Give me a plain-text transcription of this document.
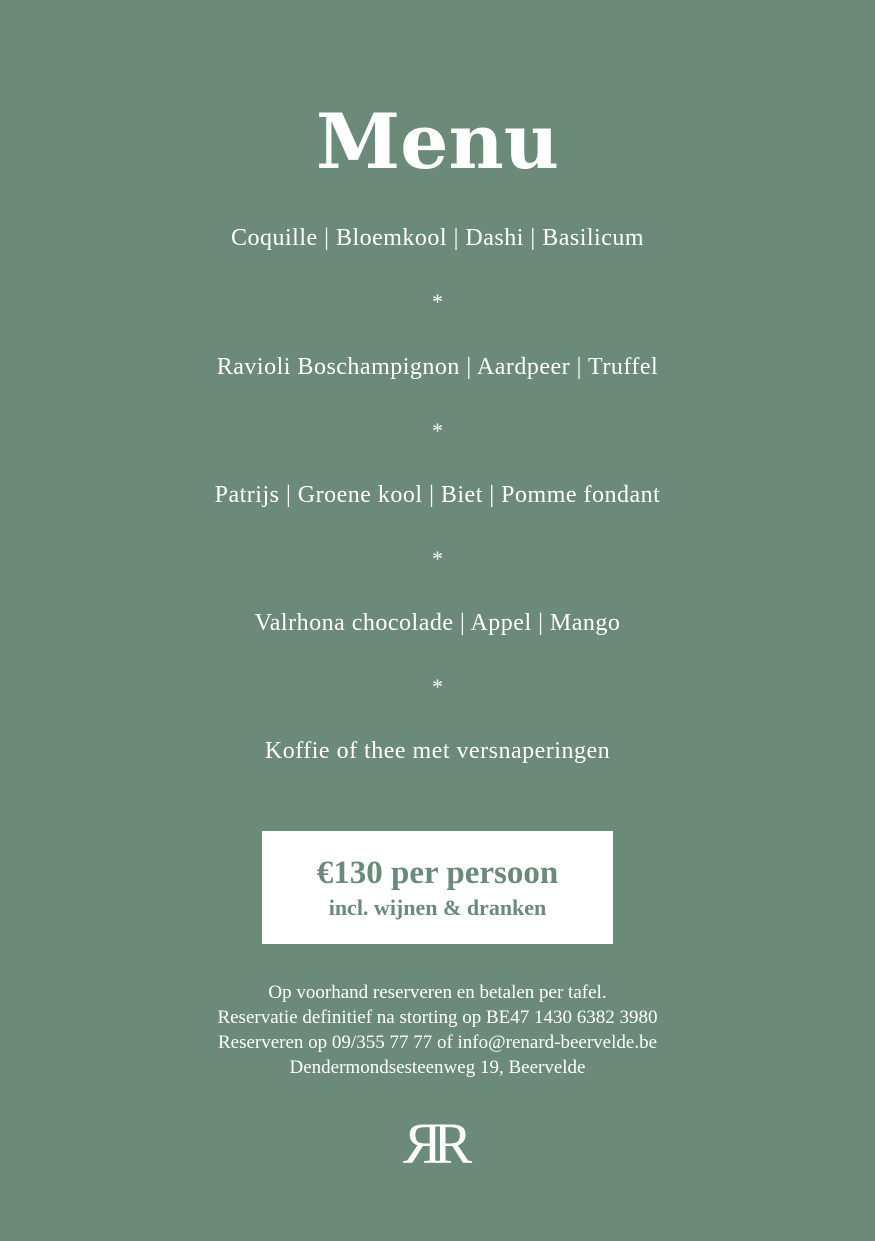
Menu
Coquille | Bloemkool | Dashi | Basilicum
*
Ravioli Boschampignon | Aardpeer | Truffel
*
Patrijs | Groene kool | Biet | Pomme fondant
*
Valrhona chocolade | Appel | Mango
*
Koffie of thee met versnaperingen
€130 per persoon
incl. wijnen & dranken
Op voorhand reserveren en betalen per tafel.
Reservatie definitief na storting op BE47 1430 6382 3980
Reserveren op 09/355 77 77 of info@renard-beervelde.be
Dendermondsesteenweg 19, Beervelde
RR
